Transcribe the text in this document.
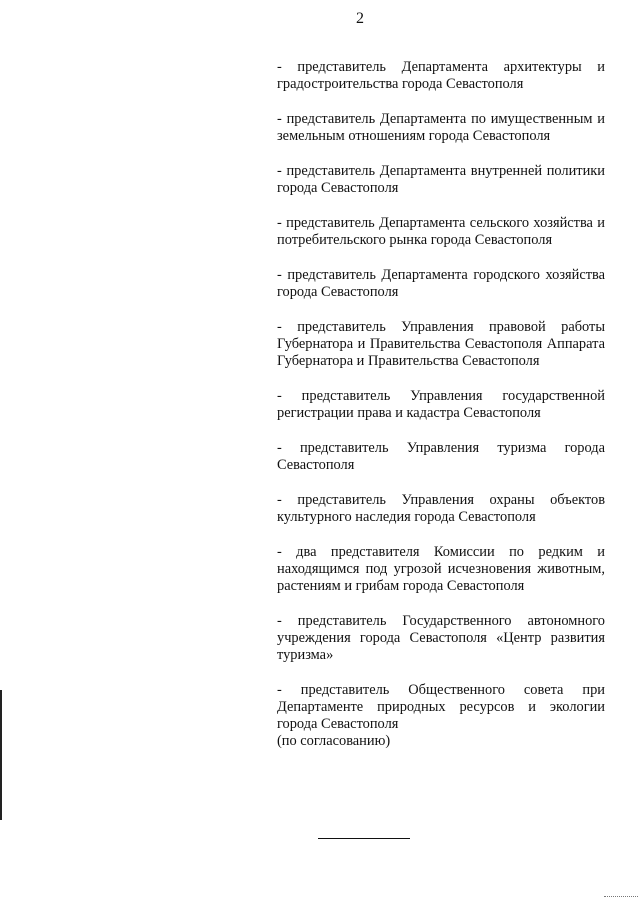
2

- представитель Департамента архитектуры и градостроительства города Севастополя

- представитель Департамента по имущественным и земельным отношениям города Севастополя

- представитель Департамента внутренней политики города Севастополя

- представитель Департамента сельского хозяйства и потребительского рынка города Севастополя

- представитель Департамента городского хозяйства города Севастополя

- представитель Управления правовой работы Губернатора и Правительства Севастополя Аппарата Губернатора и Правительства Севастополя

- представитель Управления государственной регистрации права и кадастра Севастополя

- представитель Управления туризма города Севастополя

- представитель Управления охраны объектов культурного наследия города Севастополя

- два представителя Комиссии по редким и находящимся под угрозой исчезновения животным, растениям и грибам города Севастополя

- представитель Государственного автономного учреждения города Севастополя «Центр развития туризма»

- представитель Общественного совета при Департаменте природных ресурсов и экологии города Севастополя
(по согласованию)
